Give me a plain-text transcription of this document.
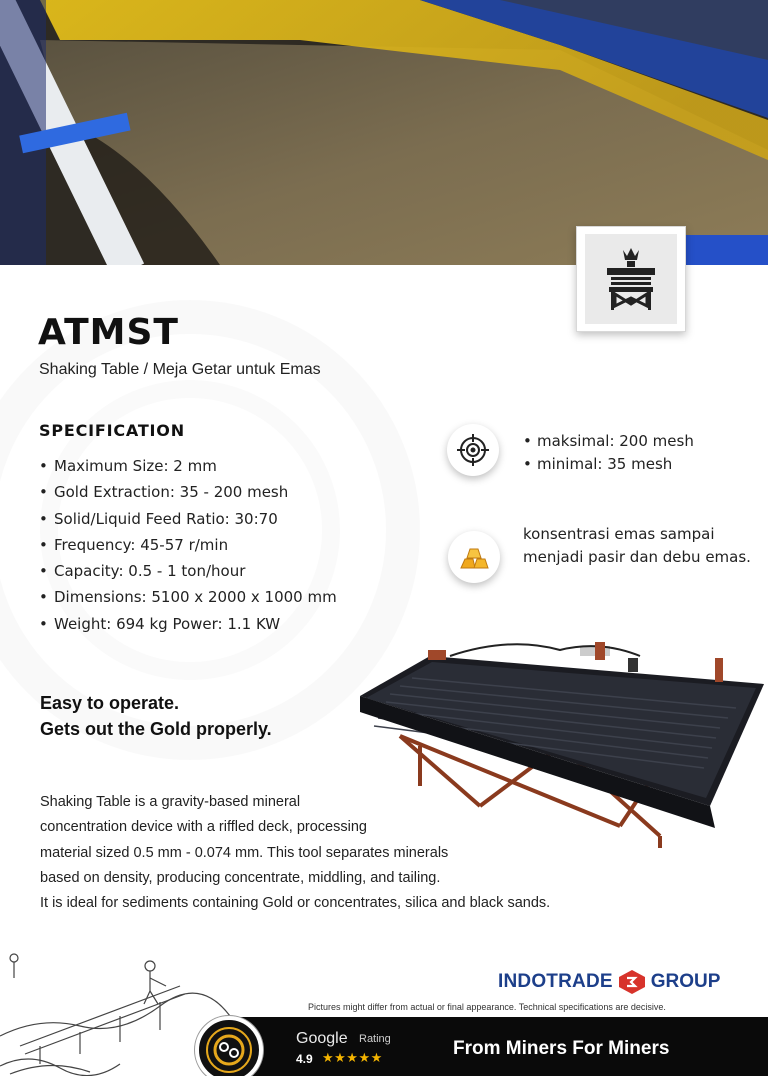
ATMST
Shaking Table / Meja Getar untuk Emas
SPECIFICATION
• Maximum Size: 2 mm
• Gold Extraction: 35 - 200 mesh
• Solid/Liquid Feed Ratio: 30:70
• Frequency: 45-57 r/min
• Capacity: 0.5 - 1 ton/hour
• Dimensions: 5100 x 2000 x 1000 mm
• Weight: 694 kg Power: 1.1 KW
• maksimal: 200 mesh
• minimal: 35 mesh
konsentrasi emas sampai menjadi pasir dan debu emas.
Easy to operate.
Gets out the Gold properly.
Shaking Table is a gravity-based mineral
concentration device with a riffled deck, processing
material sized 0.5 mm - 0.074 mm. This tool separates minerals
based on density, producing concentrate, middling, and tailing.
It is ideal for sediments containing Gold or concentrates, silica and black sands.
INDOTRADE GROUP
Pictures might differ from actual or final appearance. Technical specifications are decisive.
Google Rating
4.9 ★★★★★	From Miners For Miners
